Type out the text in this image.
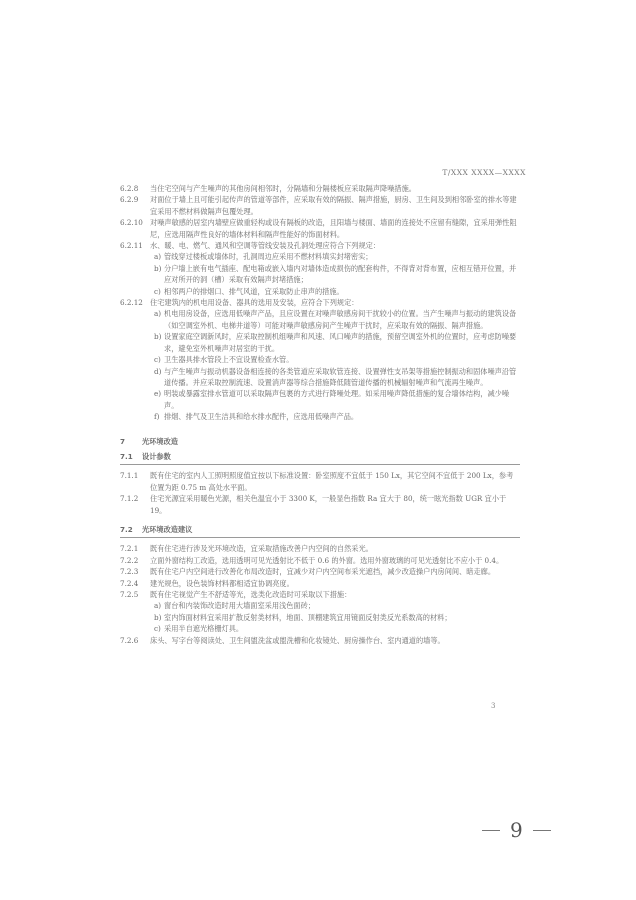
T/XXX XXXX—XXXX

6.2.8 当住宅空间与产生噪声的其他房间相邻时，分隔墙和分隔楼板应采取隔声降噪措施。

6.2.9 对面位于墙上且可能引起传声的管道等部件，应采取有效的隔振、隔声措施，厨房、卫生间及到相邻卧室的排水等建宜采用不燃材料做隔声包覆处理。

6.2.10 对噪声敏感的居室内墙壁应做重轻构或设有隔板的改造，且阳墙与楼面、墙面的连接处不应留有缝隙，宜采用弹性阻尼，应选用隔声性良好的墙体材料和隔声性能好的饰面材料。

6.2.11 水、暖、电、燃气、通风和空调等管线安装及孔洞处理应符合下列规定：

a) 管线穿过楼板或墙体时，孔洞周边应采用不燃材料填实封堵密实；

b) 分户墙上嵌有电气插座、配电箱或嵌入墙内对墙体造成损伤的配套构件，不得背对背布置，应相互错开位置，并应对所开的洞（槽）采取有效隔声封堵措施；

c) 相邻两户的排烟口、排气风道，宜采取防止串声的措施。

6.2.12 住宅建筑内的机电用设备、器具的选用及安装，应符合下列规定：

a) 机电用房设备，应选用低噪声产品，且应设置在对噪声敏感房间干扰较小的位置。当产生噪声与振动的建筑设备（如空调室外机、电梯井道等）可能对噪声敏感房间产生噪声干扰时，应采取有效的隔振、隔声措施。

b) 设置家庭空调新风时，应采取控制机组噪声和风速、风口噪声的措施，预留空调室外机的位置时，应考虑防噪要求，避免室外机噪声对居室的干扰。

c) 卫生器具排水管段上不宜设置检查水管。

d) 与产生噪声与振动机器设备相连接的各类管道应采取软管连接、设置弹性支吊架等措施控制振动和固体噪声沿管道传播。并应采取控制流速、设置消声器等综合措施降低随管道传播的机械辐射噪声和气流再生噪声。

e) 明装或暴露室排水管道可以采取隔声包裹的方式进行降噪处理。如采用噪声降低措施的复合墙体结构，减少噪声。

f) 排烟、排气及卫生洁具和给水排水配件，应选用低噪声产品。

7 光环境改造
7.1 设计参数

7.1.1 既有住宅的室内人工照明照度值宜按以下标准设置：卧室照度不宜低于 150 Lx，其它空间不宜低于 200 Lx，参考位置为距 0.75 m 高处水平面。

7.1.2 住宅光源宜采用暖色光源，相关色温宜小于 3300 K，一般显色指数 Ra 宜大于 80，统一眩光指数 UGR 宜小于 19。

7.2 光环境改造建议

7.2.1 既有住宅进行涉及光环境改造，宜采取措施改善户内空间的自然采光。

7.2.2 立面外窗结构工改造，选用透明可见光透射比不低于 0.6 的外窗。选用外窗玻璃的可见光透射比不应小于 0.4。

7.2.3 既有住宅户内空间进行改善化布局改造时，宜减少对户内空间布采光遮挡，减少改造操户内房间间、暗走廊。

7.2.4 建光规色，设色装饰材料都相适宜协调亮度。

7.2.5 既有住宅视觉产生不舒适等光，选类化改造时可采取以下措施：

a) 窗台和内装饰改造时用大墙面室采用浅色面砖；

b) 室内饰面材料宜采用扩散反射类材料，地面、顶棚建筑宜用镜面反射类反光系数高的材料；

c) 采用半自遮光格栅灯具。

7.2.6 床头、写字台等阅读处、卫生间盥洗盆或盥洗槽和化妆镜处、厨房操作台、室内通道的墙等。

3
9
